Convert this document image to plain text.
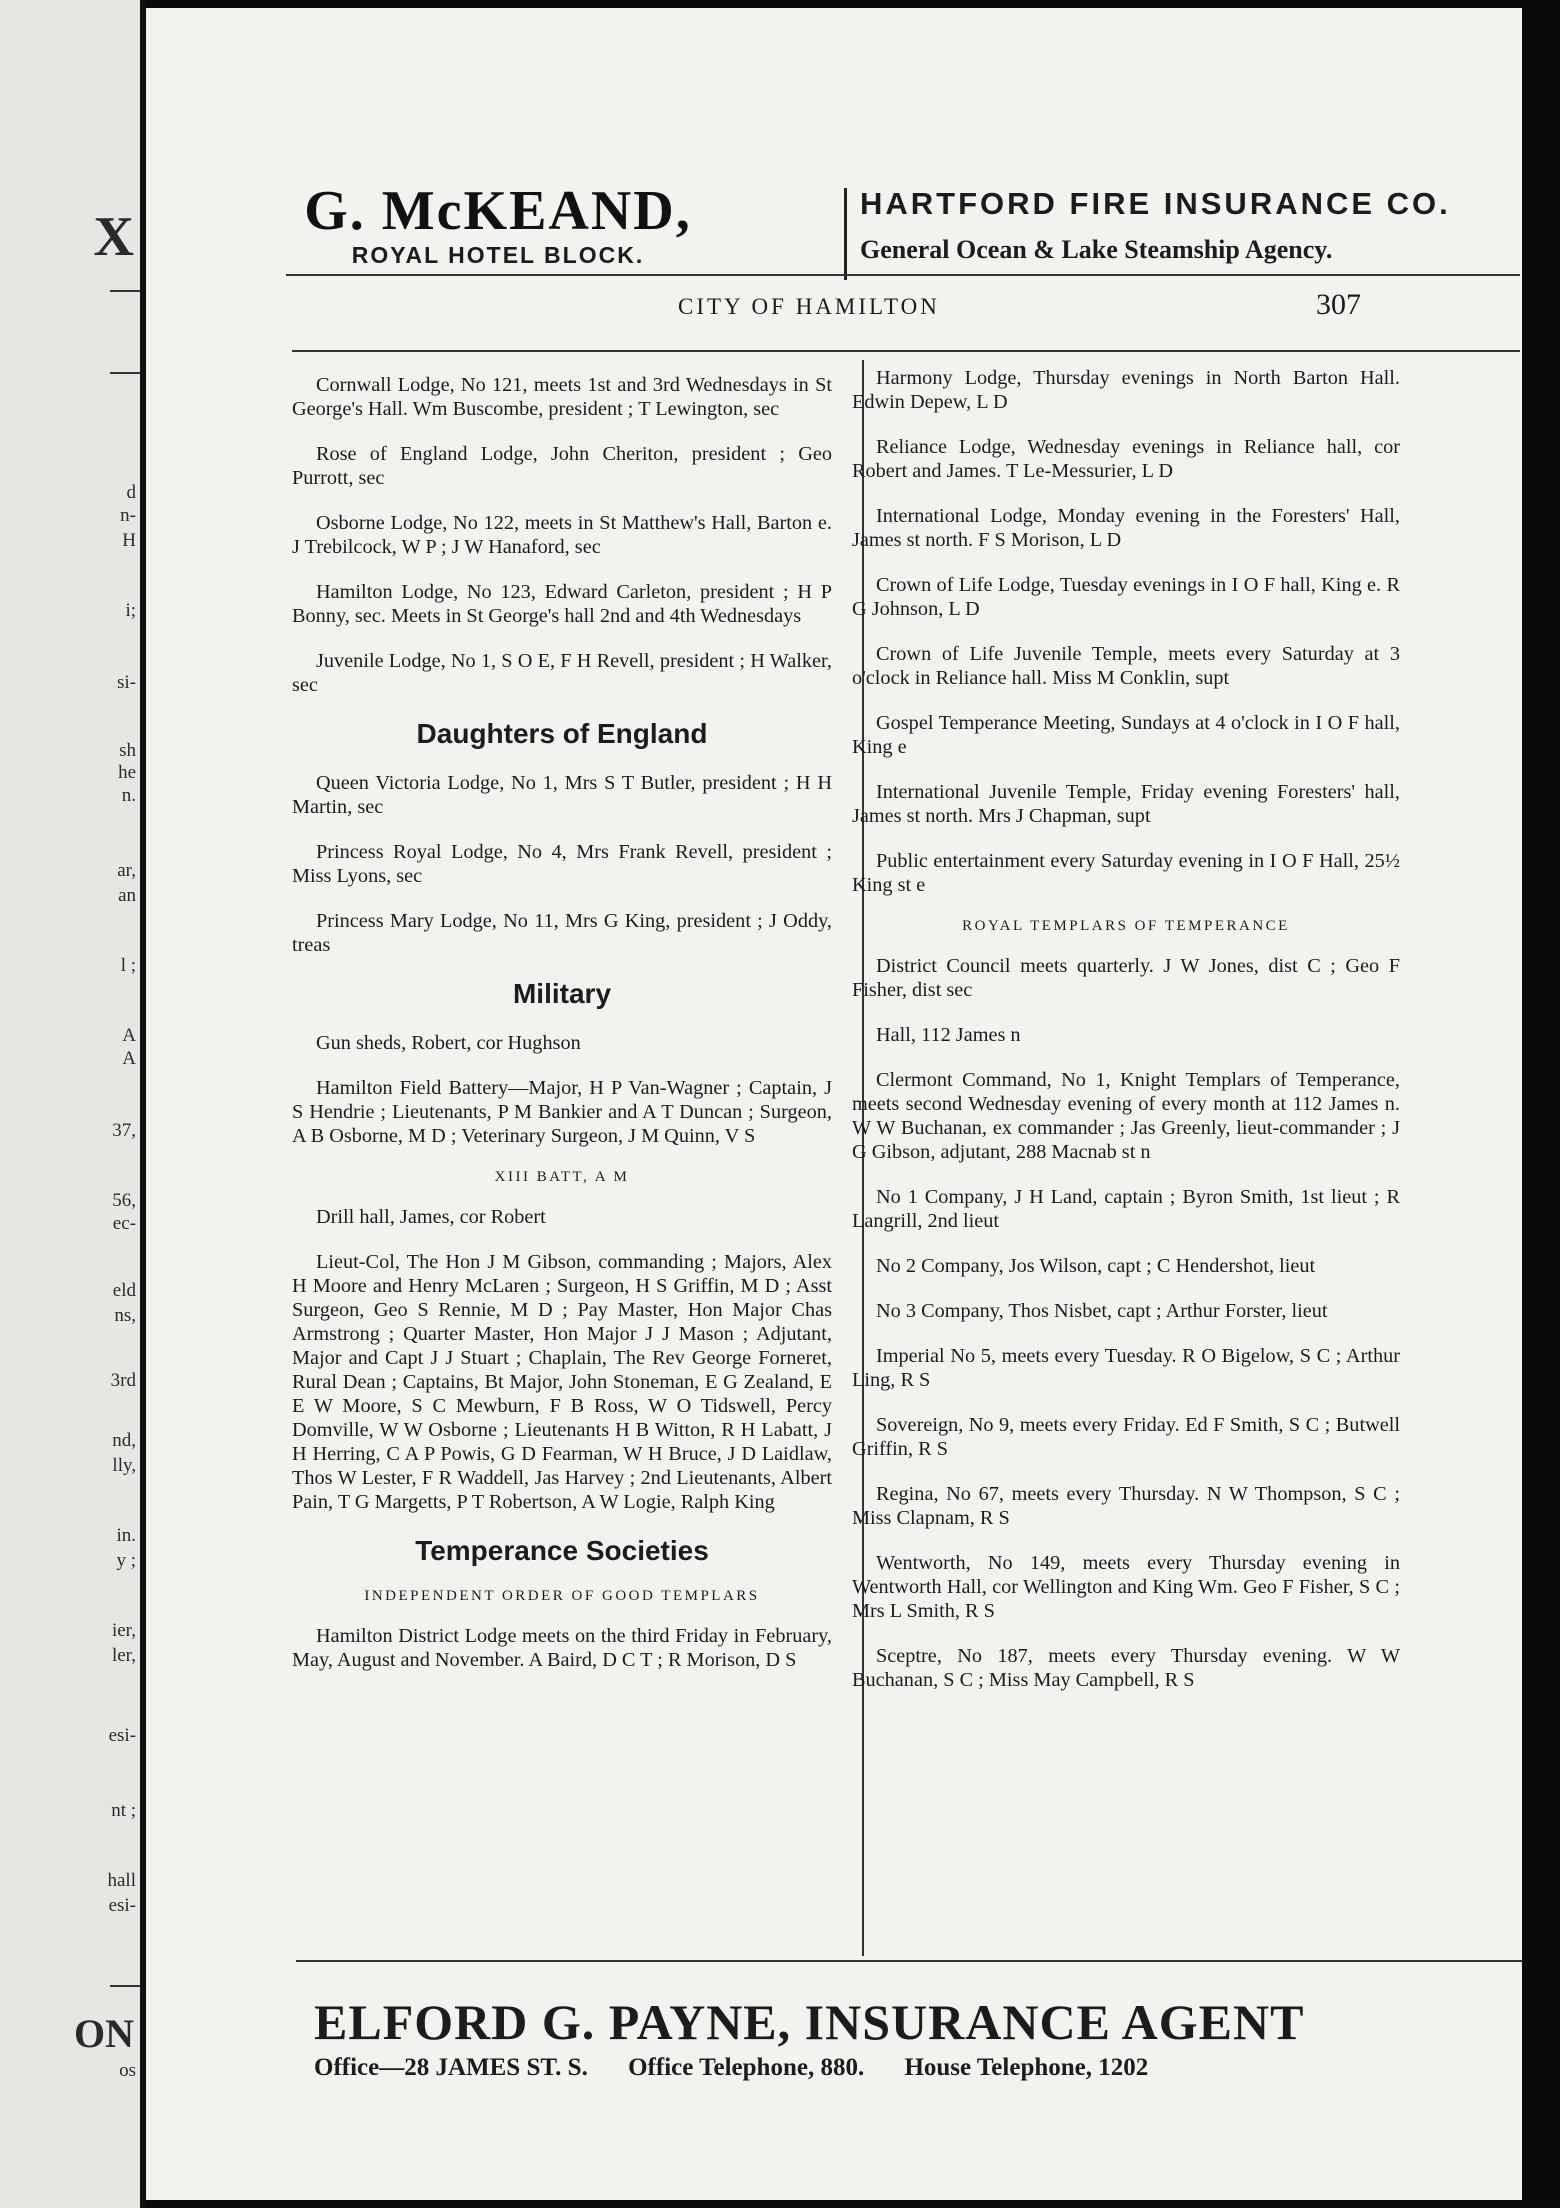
X
d
n-
H
i;
si-
sh
he
n.
ar,
an
l ;
A
A
37,
56,
ec-
eld
ns,
3rd
nd,
lly,
in.
y ;
ier,
ler,
esi-
nt ;
hall
esi-
ON
os
G. McKEAND,
ROYAL HOTEL BLOCK.
HARTFORD FIRE INSURANCE CO.
General Ocean & Lake Steamship Agency.
CITY OF HAMILTON	307
Cornwall Lodge, No 121, meets 1st and 3rd Wednesdays in St George's Hall. Wm Buscombe, president ; T Lewington, sec
Rose of England Lodge, John Cheriton, president ; Geo Purrott, sec
Osborne Lodge, No 122, meets in St Matthew's Hall, Barton e. J Trebilcock, W P ; J W Hanaford, sec
Hamilton Lodge, No 123, Edward Carleton, president ; H P Bonny, sec. Meets in St George's hall 2nd and 4th Wednesdays
Juvenile Lodge, No 1, S O E, F H Revell, president ; H Walker, sec
Daughters of England
Queen Victoria Lodge, No 1, Mrs S T Butler, president ; H H Martin, sec
Princess Royal Lodge, No 4, Mrs Frank Revell, president ; Miss Lyons, sec
Princess Mary Lodge, No 11, Mrs G King, president ; J Oddy, treas
Military
Gun sheds, Robert, cor Hughson
Hamilton Field Battery—Major, H P Van-Wagner ; Captain, J S Hendrie ; Lieutenants, P M Bankier and A T Duncan ; Surgeon, A B Osborne, M D ; Veterinary Surgeon, J M Quinn, V S
XIII BATT, A M
Drill hall, James, cor Robert
Lieut-Col, The Hon J M Gibson, commanding ; Majors, Alex H Moore and Henry McLaren ; Surgeon, H S Griffin, M D ; Asst Surgeon, Geo S Rennie, M D ; Pay Master, Hon Major Chas Armstrong ; Quarter Master, Hon Major J J Mason ; Adjutant, Major and Capt J J Stuart ; Chaplain, The Rev George Forneret, Rural Dean ; Captains, Bt Major, John Stoneman, E G Zealand, E E W Moore, S C Mewburn, F B Ross, W O Tidswell, Percy Domville, W W Osborne ; Lieutenants H B Witton, R H Labatt, J H Herring, C A P Powis, G D Fearman, W H Bruce, J D Laidlaw, Thos W Lester, F R Waddell, Jas Harvey ; 2nd Lieutenants, Albert Pain, T G Margetts, P T Robertson, A W Logie, Ralph King
Temperance Societies
INDEPENDENT ORDER OF GOOD TEMPLARS
Hamilton District Lodge meets on the third Friday in February, May, August and November. A Baird, D C T ; R Morison, D S
Harmony Lodge, Thursday evenings in North Barton Hall. Edwin Depew, L D
Reliance Lodge, Wednesday evenings in Reliance hall, cor Robert and James. T Le-Messurier, L D
International Lodge, Monday evening in the Foresters' Hall, James st north. F S Morison, L D
Crown of Life Lodge, Tuesday evenings in I O F hall, King e. R G Johnson, L D
Crown of Life Juvenile Temple, meets every Saturday at 3 o'clock in Reliance hall. Miss M Conklin, supt
Gospel Temperance Meeting, Sundays at 4 o'clock in I O F hall, King e
International Juvenile Temple, Friday evening Foresters' hall, James st north. Mrs J Chapman, supt
Public entertainment every Saturday evening in I O F Hall, 25½ King st e
ROYAL TEMPLARS OF TEMPERANCE
District Council meets quarterly. J W Jones, dist C ; Geo F Fisher, dist sec
Hall, 112 James n
Clermont Command, No 1, Knight Templars of Temperance, meets second Wednesday evening of every month at 112 James n. W W Buchanan, ex commander ; Jas Greenly, lieut-commander ; J G Gibson, adjutant, 288 Macnab st n
No 1 Company, J H Land, captain ; Byron Smith, 1st lieut ; R Langrill, 2nd lieut
No 2 Company, Jos Wilson, capt ; C Hendershot, lieut
No 3 Company, Thos Nisbet, capt ; Arthur Forster, lieut
Imperial No 5, meets every Tuesday. R O Bigelow, S C ; Arthur Ling, R S
Sovereign, No 9, meets every Friday. Ed F Smith, S C ; Butwell Griffin, R S
Regina, No 67, meets every Thursday. N W Thompson, S C ; Miss Clapnam, R S
Wentworth, No 149, meets every Thursday evening in Wentworth Hall, cor Wellington and King Wm. Geo F Fisher, S C ; Mrs L Smith, R S
Sceptre, No 187, meets every Thursday evening. W W Buchanan, S C ; Miss May Campbell, R S
ELFORD G. PAYNE, INSURANCE AGENT
Office—28 JAMES ST. S. Office Telephone, 880. House Telephone, 1202
